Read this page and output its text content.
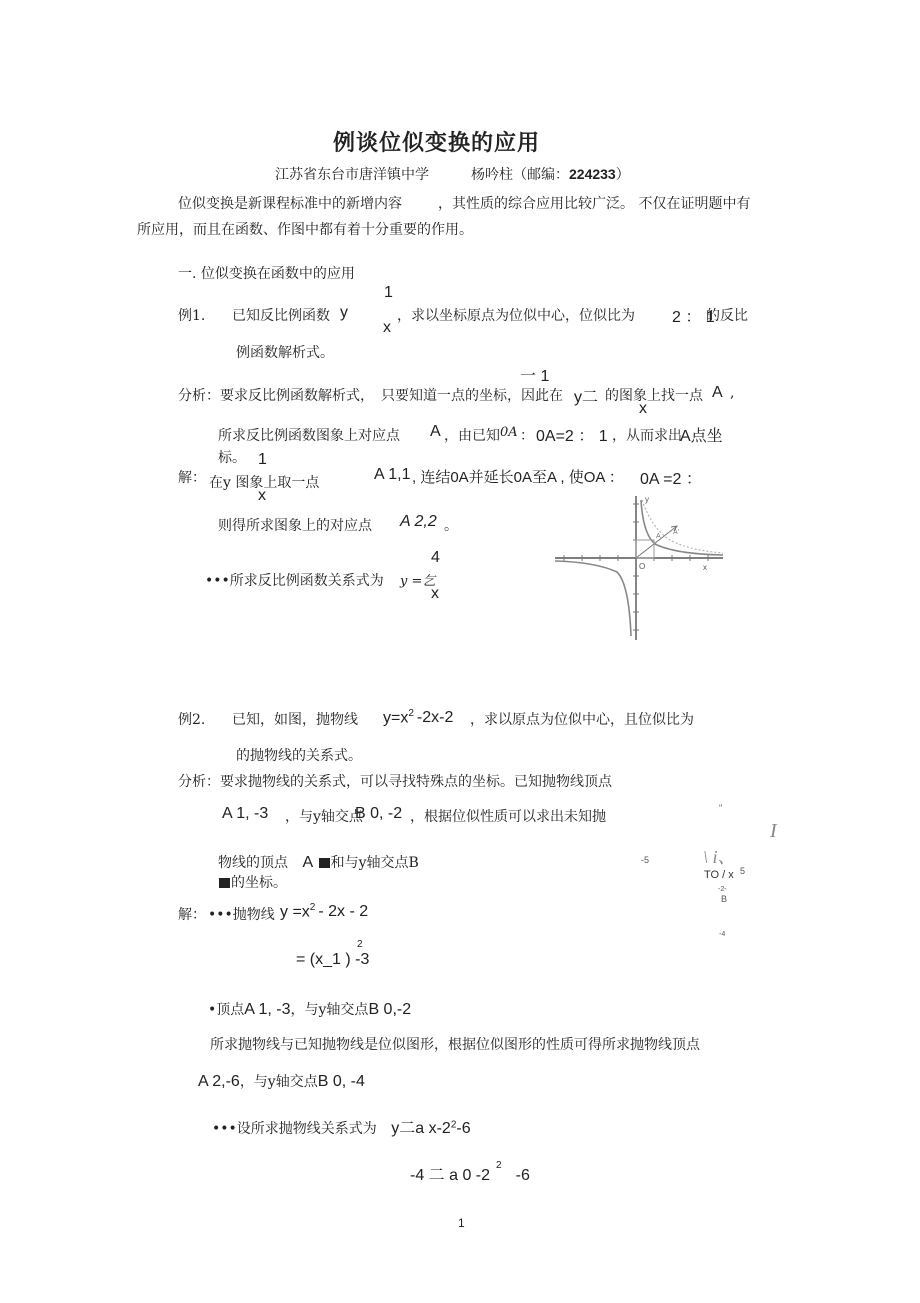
例谈位似变换的应用
江苏省东台市唐洋镇中学　　　杨吟柱（邮编：224233）
位似变换是新课程标准中的新增内容	，其性质的综合应用比较广泛。 不仅在证明题中有
所应用，而且在函数、作图中都有着十分重要的作用。
一. 位似变换在函数中的应用
1
例1. 已知反比例函数 y	，求以坐标原点为位似中心，位似比为 2 ： 1
的反比
x
例函数解析式。
一 1
分析： 要求反比例函数解析式，　只要知道一点的坐标，因此在 y二 的图象上找一点 A ,
x
所求反比例函数图象上对应点 A ，由已知 0A ： 0A=2 ： 1 ，从而求出
A点坐
标。 1
解： 在y 图象上取一点	A 1,1 , 连结0A并延长0A至A , 使OA ： 0A =2 ：
x
则得所求图象上的对应点 A 2,2 。
4
•••所求反比例函数关系式为 y =乞
x
y
x
O
A
A'
例2. 已知，如图，抛物线 $y=x^2$ -2x-2 ，求以原点为位似中心，且位似比为
的抛物线的关系式。
分析： 要求抛物线的关系式，可以寻找特殊点的坐标。已知抛物线顶点
A 1, -3 ，与y轴交点
B 0, -2 ，根据位似性质可以求出未知抛
物线的顶点 A 和与y轴交点B
的坐标。
"
I
\ i、
-5
TO / x 5
-2-
B
-4
解： •••抛物线 $y =x^2 - 2x - 2$
2
= (x_1 ) -3
•顶点A 1, -3，与y轴交点B 0,-2
所求抛物线与已知抛物线是位似图形，根据位似图形的性质可得所求抛物线顶点
A 2,-6，与y轴交点B 0, -4
•••设所求抛物线关系式为 y二a $x-2^2-6$
-4 二 a 0 $-2^2-6$
1
